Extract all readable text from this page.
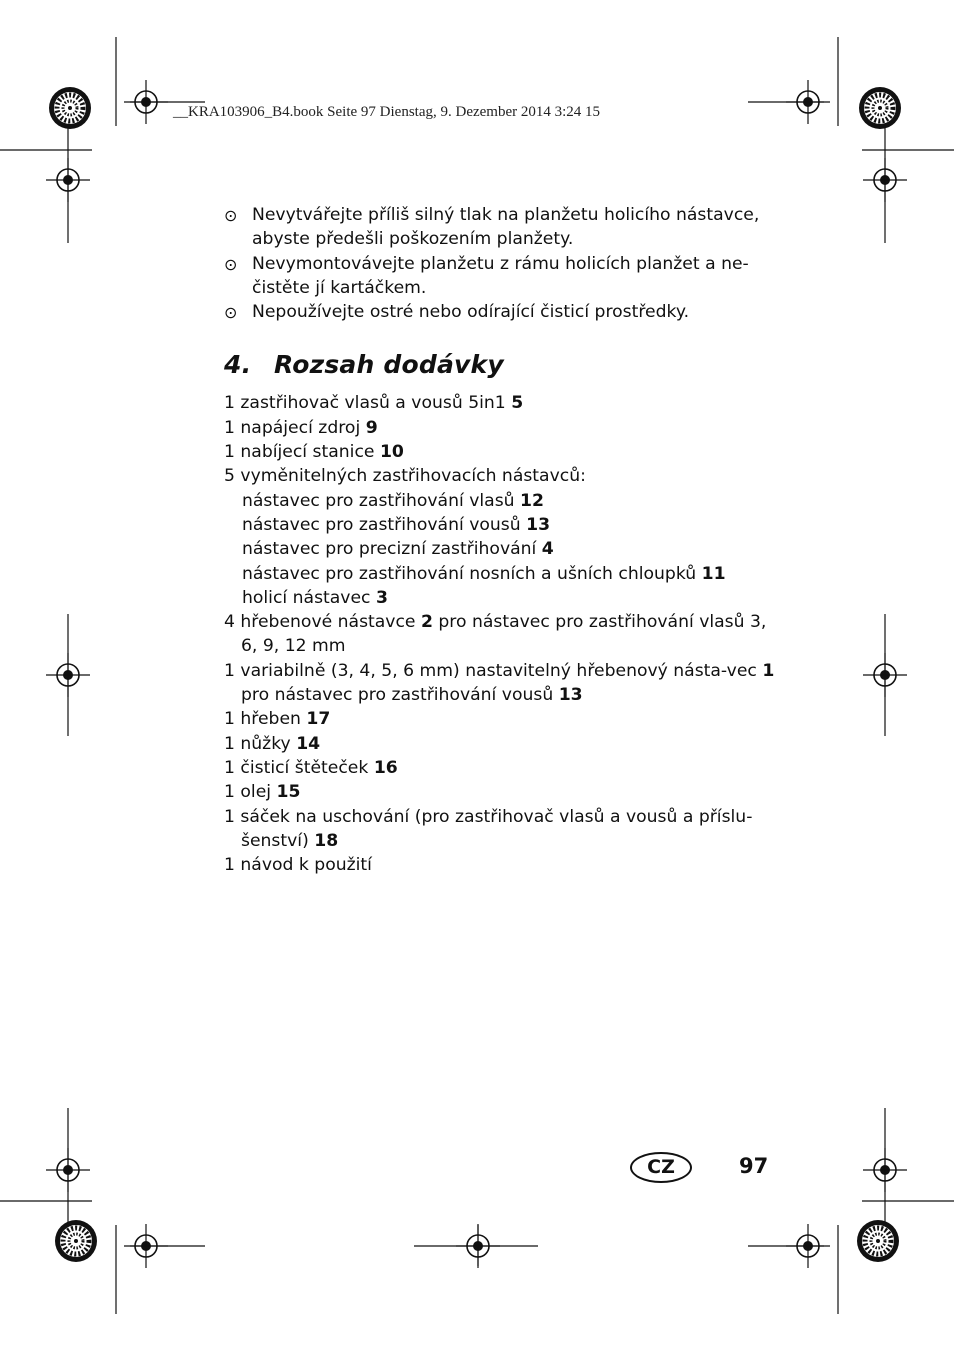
__KRA103906_B4.book Seite 97 Dienstag, 9. Dezember 2014 3:24 15
⊙ Nevytvářejte příliš silný tlak na planžetu holicího nástavce, abyste předešli poškozením planžety.
⊙ Nevymontovávejte planžetu z rámu holicích planžet a ne-čistěte jí kartáčkem.
⊙ Nepoužívejte ostré nebo odírající čisticí prostředky.
4. Rozsah dodávky
1 zastřihovač vlasů a vousů 5in1 5
1 napájecí zdroj 9
1 nabíjecí stanice 10
5 vyměnitelných zastřihovacích nástavců:
nástavec pro zastřihování vlasů 12
nástavec pro zastřihování vousů 13
nástavec pro precizní zastřihování 4
nástavec pro zastřihování nosních a ušních chloupků 11
holicí nástavec 3
4 hřebenové nástavce 2 pro nástavec pro zastřihování vlasů 3, 6, 9, 12 mm
1 variabilně (3, 4, 5, 6 mm) nastavitelný hřebenový násta-vec 1 pro nástavec pro zastřihování vousů 13
1 hřeben 17
1 nůžky 14
1 čisticí štěteček 16
1 olej 15
1 sáček na uschování (pro zastřihovač vlasů a vousů a příslu-šenství) 18
1 návod k použití
CZ	97
